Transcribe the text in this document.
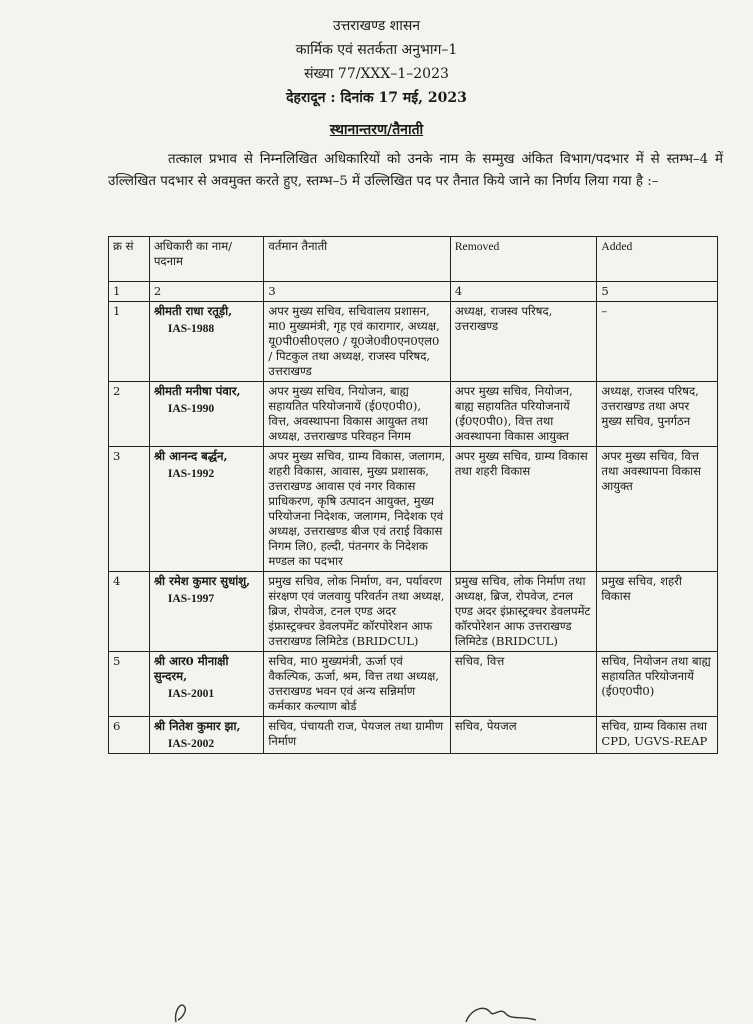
उत्तराखण्ड शासन
कार्मिक एवं सतर्कता अनुभाग–1
संख्या 77/XXX–1–2023
देहरादून : दिनांक 17 मई, 2023
स्थानान्तरण/तैनाती
तत्काल प्रभाव से निम्नलिखित अधिकारियों को उनके नाम के सम्मुख अंकित विभाग/पदभार में से स्तम्भ–4 में उल्लिखित पदभार से अवमुक्त करते हुए, स्तम्भ–5 में उल्लिखित पद पर तैनात किये जाने का निर्णय लिया गया है :–
क्र सं	अधिकारी का नाम/ पदनाम	वर्तमान तैनाती	Removed	Added
1	2	3	4	5
1	श्रीमती राधा रतूड़ी,
IAS-1988	अपर मुख्य सचिव, सचिवालय प्रशासन, मा0 मुख्यमंत्री, गृह एवं कारागार, अध्यक्ष, यू0पी0सी0एल0 / यू0जे0वी0एन0एल0 / पिटकुल तथा अध्यक्ष, राजस्व परिषद, उत्तराखण्ड	अध्यक्ष, राजस्व परिषद, उत्तराखण्ड	–
2	श्रीमती मनीषा पंवार,
IAS-1990	अपर मुख्य सचिव, नियोजन, बाह्य सहायतित परियोजनायें (ई0ए0पी0), वित्त, अवस्थापना विकास आयुक्त तथा अध्यक्ष, उत्तराखण्ड परिवहन निगम	अपर मुख्य सचिव, नियोजन, बाह्य सहायतित परियोजनायें (ई0ए0पी0), वित्त तथा अवस्थापना विकास आयुक्त	अध्यक्ष, राजस्व परिषद, उत्तराखण्ड तथा अपर मुख्य सचिव, पुनर्गठन
3	श्री आनन्द बर्द्धन,
IAS-1992	अपर मुख्य सचिव, ग्राम्य विकास, जलागम, शहरी विकास, आवास, मुख्य प्रशासक, उत्तराखण्ड आवास एवं नगर विकास प्राधिकरण, कृषि उत्पादन आयुक्त, मुख्य परियोजना निदेशक, जलागम, निदेशक एवं अध्यक्ष, उत्तराखण्ड बीज एवं तराई विकास निगम लि0, हल्दी, पंतनगर के निदेशक मण्डल का पदभार	अपर मुख्य सचिव, ग्राम्य विकास तथा शहरी विकास	अपर मुख्य सचिव, वित्त तथा अवस्थापना विकास आयुक्त
4	श्री रमेश कुमार सुधांशु,
IAS-1997	प्रमुख सचिव, लोक निर्माण, वन, पर्यावरण संरक्षण एवं जलवायु परिवर्तन तथा अध्यक्ष, ब्रिज, रोपवेज, टनल एण्ड अदर इंफ्रास्ट्रक्चर डेवलपमेंट कॉरपोरेशन आफ उत्तराखण्ड लिमिटेड (BRIDCUL)	प्रमुख सचिव, लोक निर्माण तथा अध्यक्ष, ब्रिज, रोपवेज, टनल एण्ड अदर इंफ्रास्ट्रक्चर डेवलपमेंट कॉरपोरेशन आफ उत्तराखण्ड लिमिटेड (BRIDCUL)	प्रमुख सचिव, शहरी विकास
5	श्री आर0 मीनाक्षी सुन्दरम,
IAS-2001	सचिव, मा0 मुख्यमंत्री, ऊर्जा एवं वैकल्पिक, ऊर्जा, श्रम, वित्त तथा अध्यक्ष, उत्तराखण्ड भवन एवं अन्य सन्निर्माण कर्मकार कल्याण बोर्ड	सचिव, वित्त	सचिव, नियोजन तथा बाह्य सहायतित परियोजनायें (ई0ए0पी0)
6	श्री नितेश कुमार झा,
IAS-2002	सचिव, पंचायती राज, पेयजल तथा ग्रामीण निर्माण	सचिव, पेयजल	सचिव, ग्राम्य विकास तथा CPD, UGVS-REAP
